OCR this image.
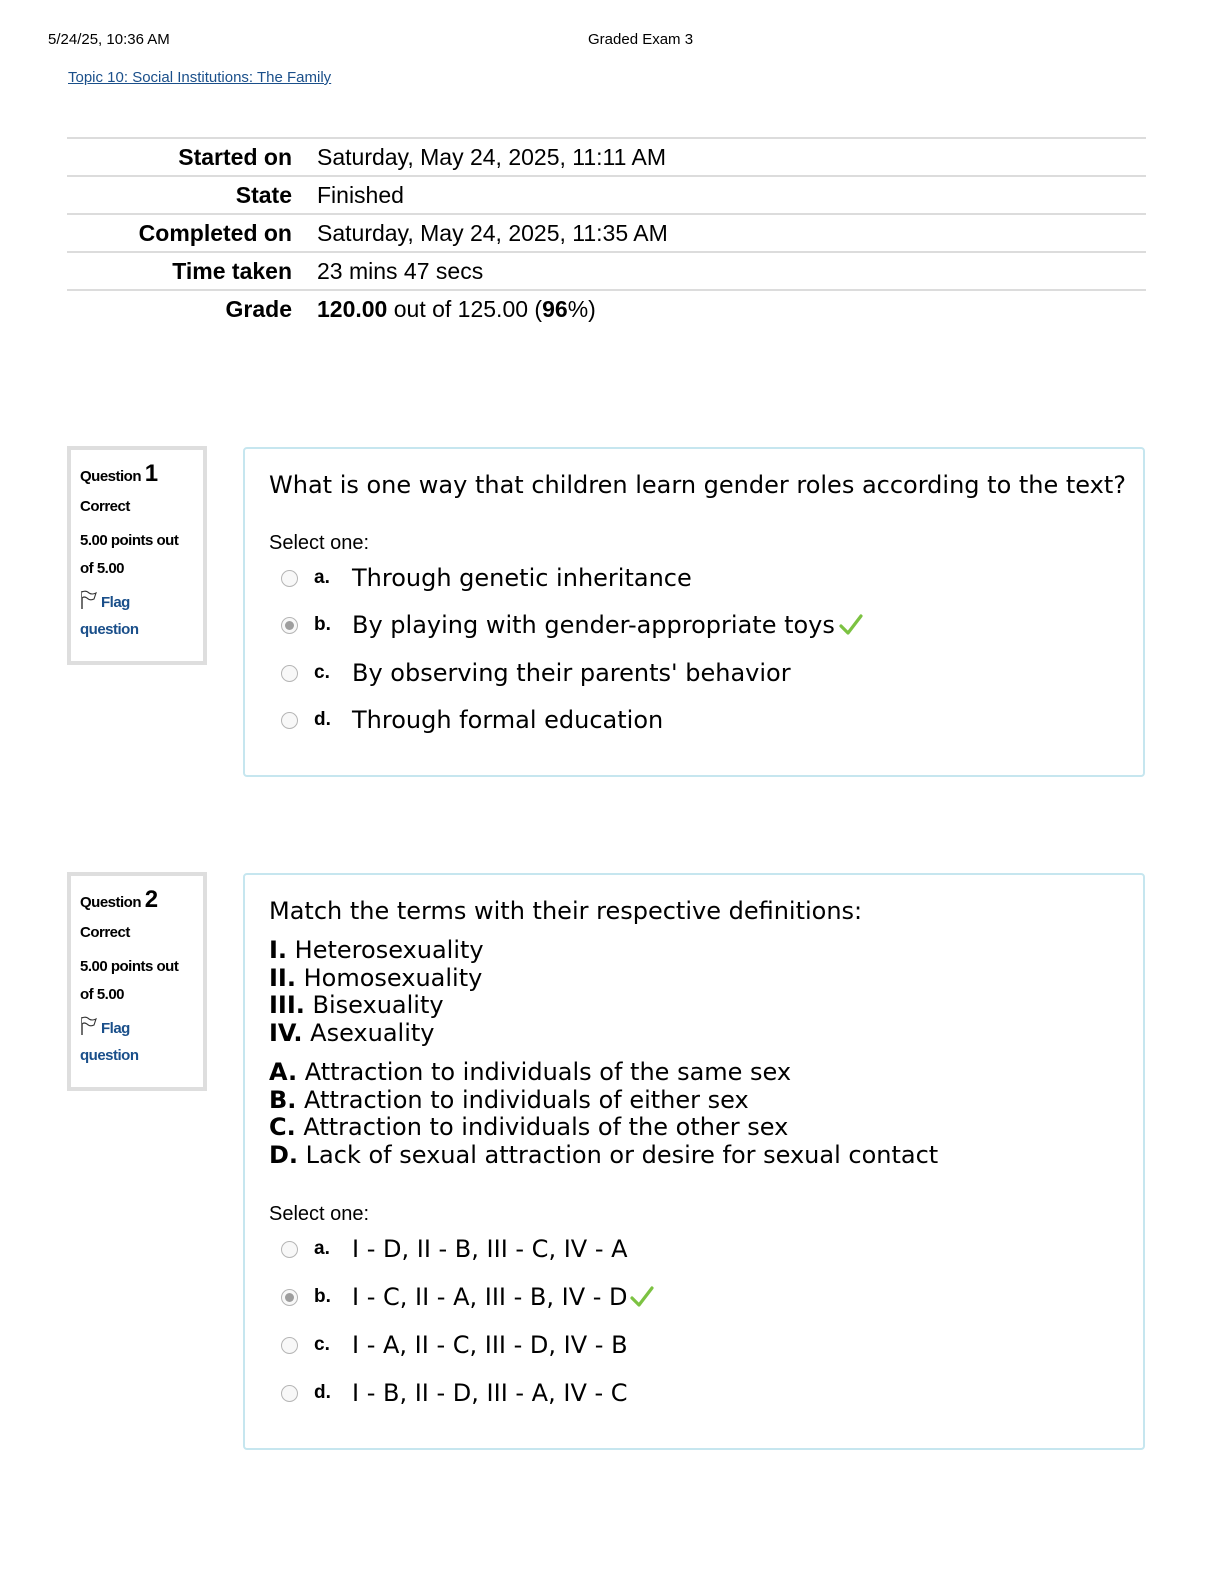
5/24/25, 10:36 AM	Graded Exam 3
Topic 10: Social Institutions: The Family
Started on	Saturday, May 24, 2025, 11:11 AM
State	Finished
Completed on	Saturday, May 24, 2025, 11:35 AM
Time taken	23 mins 47 secs
Grade	120.00 out of 125.00 (96%)
Question 1
Correct
5.00 points out
of 5.00
Flag
question
What is one way that children learn gender roles according to the text?
Select one:
a. Through genetic inheritance
b. By playing with gender-appropriate toys
c. By observing their parents' behavior
d. Through formal education
Question 2
Correct
5.00 points out
of 5.00
Flag
question
Match the terms with their respective definitions:
I. Heterosexuality
II. Homosexuality
III. Bisexuality
IV. Asexuality
A. Attraction to individuals of the same sex
B. Attraction to individuals of either sex
C. Attraction to individuals of the other sex
D. Lack of sexual attraction or desire for sexual contact
Select one:
a. I - D, II - B, III - C, IV - A
b. I - C, II - A, III - B, IV - D
c. I - A, II - C, III - D, IV - B
d. I - B, II - D, III - A, IV - C
